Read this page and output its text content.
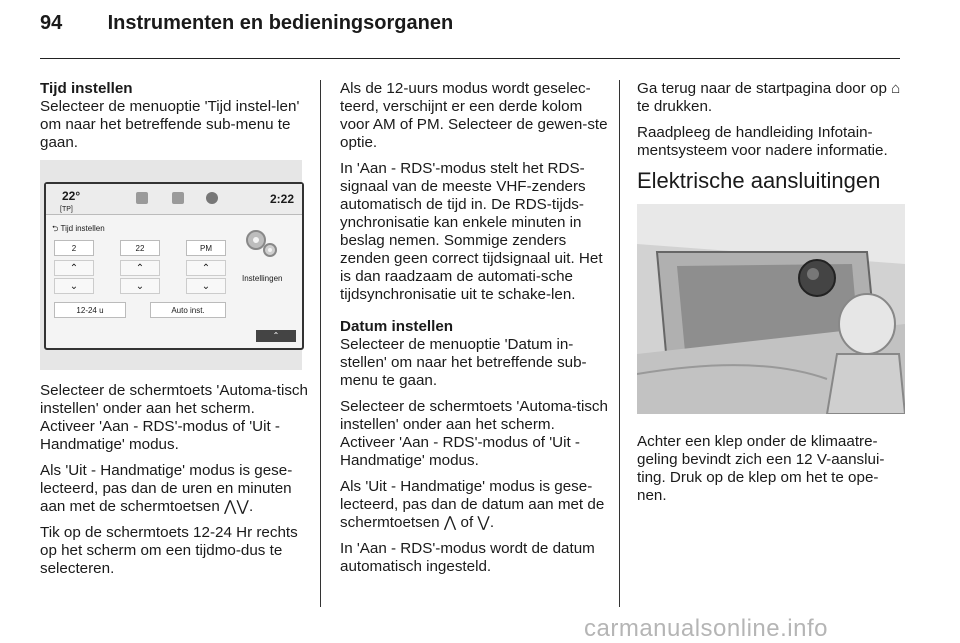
94 Instrumenten en bedieningsorganen
Tijd instellen

Selecteer de menuoptie 'Tijd instel-len' om naar het betreffende sub-menu te gaan.

22°
[TP]
2:22
⮌ Tijd instellen
2	22	PM
⌃	⌃	⌃
⌄	⌄	⌄
Instellingen
12-24 u	Auto inst.
⌃

Selecteer de schermtoets 'Automa-tisch instellen' onder aan het scherm. Activeer 'Aan - RDS'-modus of 'Uit - Handmatige' modus.

Als 'Uit - Handmatige' modus is gese-lecteerd, pas dan de uren en minuten aan met de schermtoetsen ⋀⋁.

Tik op de schermtoets 12-24 Hr rechts op het scherm om een tijdmo-dus te selecteren.

Als de 12-uurs modus wordt geselec-teerd, verschijnt er een derde kolom voor AM of PM. Selecteer de gewen-ste optie.

In 'Aan - RDS'-modus stelt het RDS-signaal van de meeste VHF-zenders automatisch de tijd in. De RDS-tijds-ynchronisatie kan enkele minuten in beslag nemen. Sommige zenders zenden geen correct tijdsignaal uit. Het is dan raadzaam de automati-sche tijdsynchronisatie uit te schake-len.

Datum instellen

Selecteer de menuoptie 'Datum in-stellen' om naar het betreffende sub-menu te gaan.

Selecteer de schermtoets 'Automa-tisch instellen' onder aan het scherm. Activeer 'Aan - RDS'-modus of 'Uit - Handmatige' modus.

Als 'Uit - Handmatige' modus is gese-lecteerd, pas dan de datum aan met de schermtoetsen ⋀ of ⋁.

In 'Aan - RDS'-modus wordt de datum automatisch ingesteld.

Ga terug naar de startpagina door op ⌂ te drukken.

Raadpleeg de handleiding Infotain-mentsysteem voor nadere informatie.

Elektrische aansluitingen

Achter een klep onder de klimaatre-geling bevindt zich een 12 V-aanslui-ting. Druk op de klep om het te ope-nen.

carmanualsonline.info
